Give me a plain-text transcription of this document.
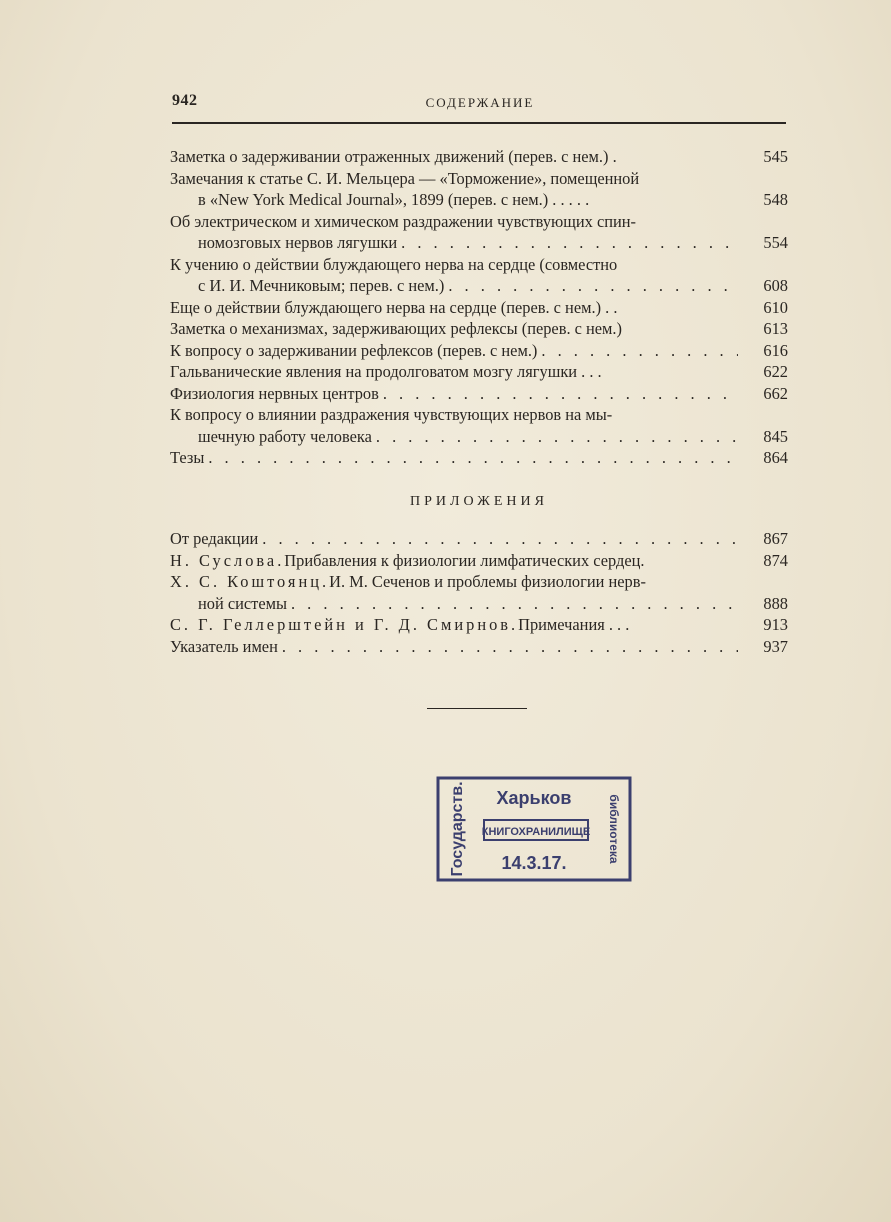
942	СОДЕРЖАНИЕ
Заметка о задерживании отраженных движений (перев. с нем.) .	545
Замечания к статье С. И. Мельцера — «Торможение», помещенной
в «New York Medical Journal», 1899 (перев. с нем.) . . . . .	548
Об электрическом и химическом раздражении чувствующих спин-
номозговых нервов лягушки . . .	554
К учению о действии блуждающего нерва на сердце (совместно
с И. И. Мечниковым; перев. с нем.) . . .	608
Еще о действии блуждающего нерва на сердце (перев. с нем.) . .	610
Заметка о механизмах, задерживающих рефлексы (перев. с нем.)	613
К вопросу о задерживании рефлексов (перев. с нем.) . . .	616
Гальванические явления на продолговатом мозгу лягушки . . .	622
Физиология нервных центров . . .	662
К вопросу о влиянии раздражения чувствующих нервов на мы-
шечную работу человека . . .	845
Тезы . . .	864
ПРИЛОЖЕНИЯ
От редакции . . .	867
Н. Суслова. Прибавления к физиологии лимфатических сердец.	874
Х. С. Коштоянц. И. М. Сеченов и проблемы физиологии нерв-
ной системы . . .	888
С. Г. Геллерштейн и Г. Д. Смирнов. Примечания . . .	913
Указатель имен . . .	937
Государств. Харьков
КНИГОХРАНИЛИЩЕ
14.3.17.	библиотека
